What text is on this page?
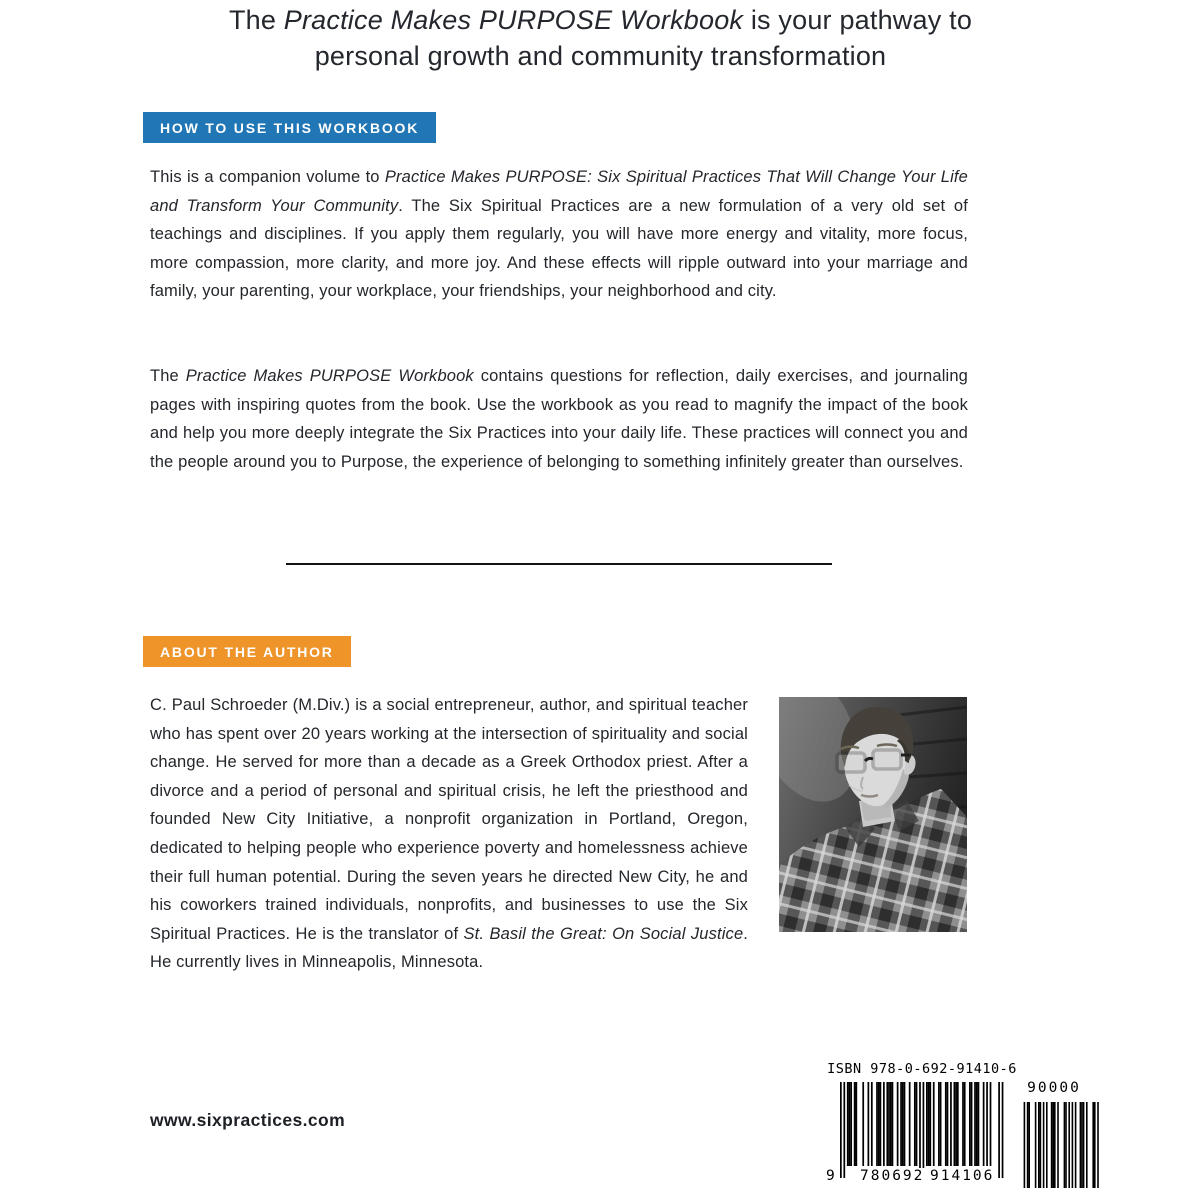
The Practice Makes PURPOSE Workbook is your pathway to personal growth and community transformation
HOW TO USE THIS WORKBOOK
This is a companion volume to Practice Makes PURPOSE: Six Spiritual Practices That Will Change Your Life and Transform Your Community. The Six Spiritual Practices are a new formulation of a very old set of teachings and disciplines. If you apply them regularly, you will have more energy and vitality, more focus, more compassion, more clarity, and more joy. And these effects will ripple outward into your marriage and family, your parenting, your workplace, your friendships, your neighborhood and city.
The Practice Makes PURPOSE Workbook contains questions for reflection, daily exercises, and journaling pages with inspiring quotes from the book. Use the workbook as you read to magnify the impact of the book and help you more deeply integrate the Six Practices into your daily life. These practices will connect you and the people around you to Purpose, the experience of belonging to something infinitely greater than ourselves.
ABOUT THE AUTHOR
C. Paul Schroeder (M.Div.) is a social entrepreneur, author, and spiritual teacher who has spent over 20 years working at the intersection of spirituality and social change. He served for more than a decade as a Greek Orthodox priest. After a divorce and a period of personal and spiritual crisis, he left the priesthood and founded New City Initiative, a nonprofit organization in Portland, Oregon, dedicated to helping people who experience poverty and homelessness achieve their full human potential. During the seven years he directed New City, he and his coworkers trained individuals, nonprofits, and businesses to use the Six Spiritual Practices. He is the translator of St. Basil the Great: On Social Justice. He currently lives in Minneapolis, Minnesota.
www.sixpractices.com
ISBN 978-0-692-91410-6
90000
9 780692 914106
